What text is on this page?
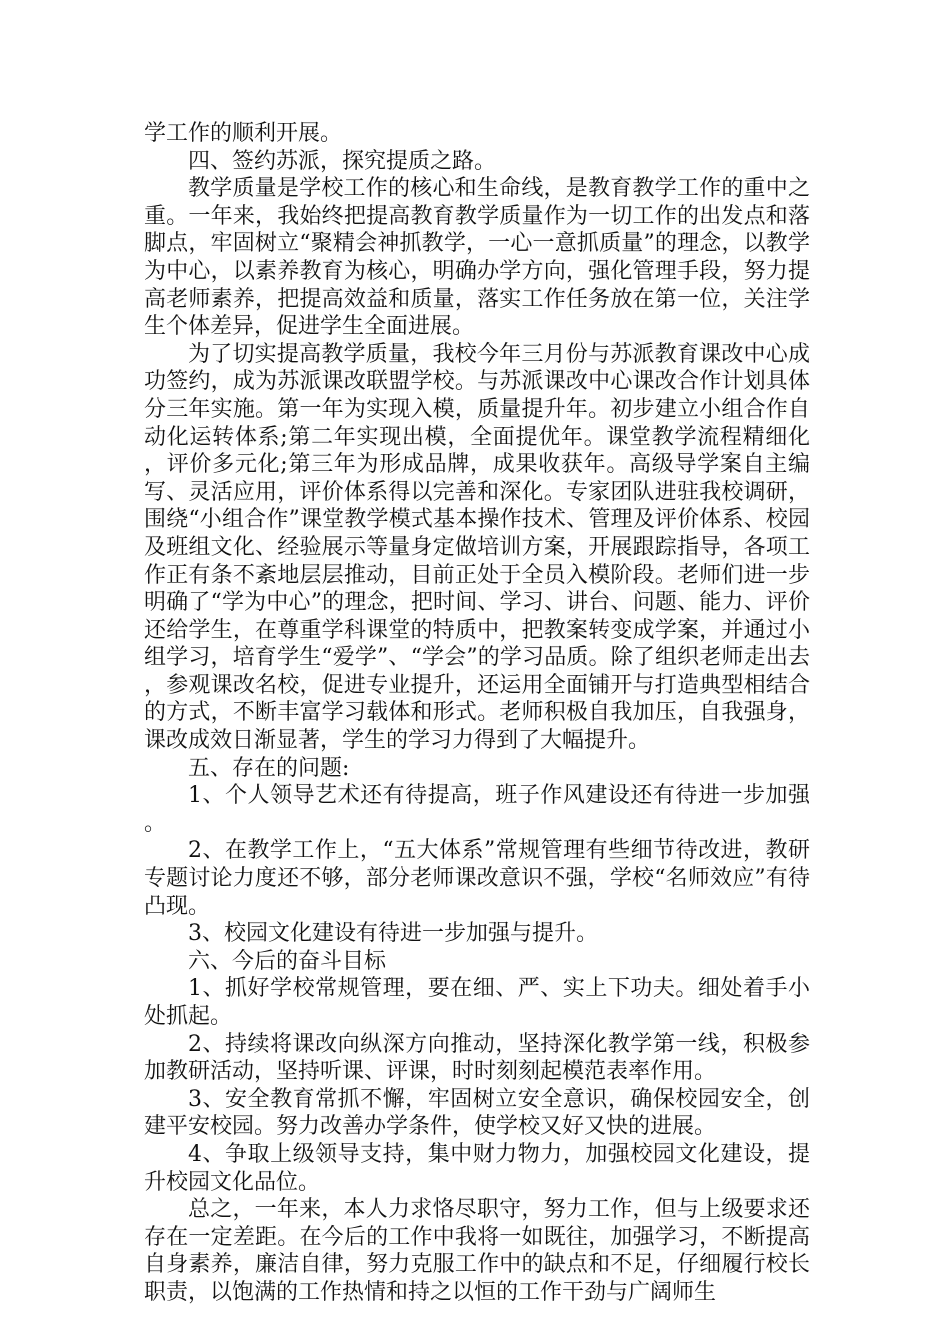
学工作的顺利开展。

四、签约苏派，探究提质之路。

教学质量是学校工作的核心和生命线，是教育教学工作的重中之重。一年来，我始终把提高教育教学质量作为一切工作的出发点和落脚点，牢固树立“聚精会神抓教学，一心一意抓质量”的理念，以教学为中心，以素养教育为核心，明确办学方向，强化管理手段，努力提高老师素养，把提高效益和质量，落实工作任务放在第一位，关注学生个体差异，促进学生全面进展。

为了切实提高教学质量，我校今年三月份与苏派教育课改中心成功签约，成为苏派课改联盟学校。与苏派课改中心课改合作计划具体分三年实施。第一年为实现入模，质量提升年。初步建立小组合作自动化运转体系;第二年实现出模，全面提优年。课堂教学流程精细化，评价多元化;第三年为形成品牌，成果收获年。高级导学案自主编写、灵活应用，评价体系得以完善和深化。专家团队进驻我校调研，围绕“小组合作”课堂教学模式基本操作技术、管理及评价体系、校园及班组文化、经验展示等量身定做培训方案，开展跟踪指导，各项工作正有条不紊地层层推动，目前正处于全员入模阶段。老师们进一步明确了“学为中心”的理念，把时间、学习、讲台、问题、能力、评价还给学生，在尊重学科课堂的特质中，把教案转变成学案，并通过小组学习，培育学生“爱学”、“学会”的学习品质。除了组织老师走出去，参观课改名校，促进专业提升，还运用全面铺开与打造典型相结合的方式，不断丰富学习载体和形式。老师积极自我加压，自我强身，课改成效日渐显著，学生的学习力得到了大幅提升。

五、存在的问题:

1、个人领导艺术还有待提高，班子作风建设还有待进一步加强。

2、在教学工作上，“五大体系”常规管理有些细节待改进，教研专题讨论力度还不够，部分老师课改意识不强，学校“名师效应”有待凸现。

3、校园文化建设有待进一步加强与提升。

六、今后的奋斗目标

1、抓好学校常规管理，要在细、严、实上下功夫。细处着手小处抓起。

2、持续将课改向纵深方向推动，坚持深化教学第一线，积极参加教研活动，坚持听课、评课，时时刻刻起模范表率作用。

3、安全教育常抓不懈，牢固树立安全意识，确保校园安全，创建平安校园。努力改善办学条件，使学校又好又快的进展。

4、争取上级领导支持，集中财力物力，加强校园文化建设，提升校园文化品位。

总之，一年来，本人力求恪尽职守，努力工作，但与上级要求还存在一定差距。在今后的工作中我将一如既往，加强学习，不断提高自身素养，廉洁自律，努力克服工作中的缺点和不足，仔细履行校长职责，以饱满的工作热情和持之以恒的工作干劲与广阔师生
